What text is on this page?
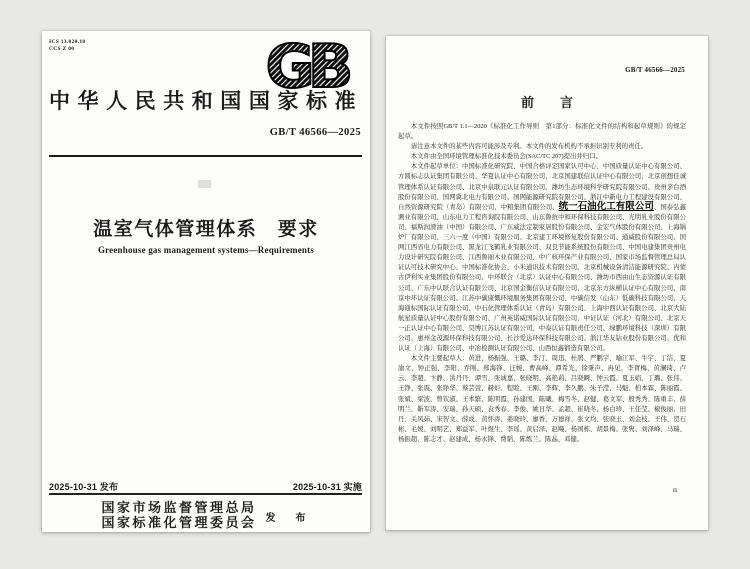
ICS 13.020.10
CCS Z 00	GB
中华人民共和国国家标准
GB/T 46566—2025
温室气体管理体系　要求
Greenhouse gas management systems—Requirements
2025-10-31 发布	2025-10-31 实施
国家市场监督管理总局
国家标准化管理委员会 发　布
GB/T 46566—2025
前　　言

本文件按照GB/T 1.1—2020《标准化工作导则　第1部分：标准化文件的结构和起草规则》的规定起草。

请注意本文件的某些内容可能涉及专利。本文件的发布机构不承担识别专利的责任。

本文件由全国环境管理标准化技术委员会(SAC/TC 207)提出并归口。

本文件起草单位：中国标准化研究院、中国合格评定国家认可中心、中国质量认证中心有限公司、方圆标志认证集团有限公司、华夏认证中心有限公司、北京国建联信认证中心有限公司、北京创想佳诚管理体系认证有限公司、北京中泉联元认证有限公司、潍坊生态环境科学研究院有限公司、贵州茅台酒股份有限公司、国网冀北电力有限公司、国网能源研究院有限公司、浙江中新电力工程建设有限公司、自然资源研究院（青岛）有限公司、中粮集团有限公司、统一石油化工有限公司、国泰弘鑫测业有限公司、山东电力工程咨询院有限公司、山东鲁抗中和环保科技有限公司、光明乳业股份有限公司、福斯润滑油（中国）有限公司、广东威法定制家居股份有限公司、金宏气体股份有限公司、上海锅炉厂有限公司、三六一度（中国）有限公司、北京建工环境修复股份有限公司、通威股份有限公司、国网江西省电力有限公司、黑龙江飞鹤乳业有限公司、双良节能系统股份有限公司、中国电建集团贵州电力设计研究院有限公司、江西鲁丽木业有限公司、中广核环保产业有限公司、国家市场监督管理总局认证认可技术研究中心、中国标准化协会、小米通讯技术有限公司、北京机械设备清洁能源研究院、内蒙古伊利实业集团股份有限公司、中环联合（北京）认证中心有限公司、潍坊市西由山生态资源认证有限公司、广东中认联合认证有限公司、北京国金衡信认证有限公司、北京东方纵横认证中心有限公司、南京中环认证有限公司、江苏中碳康慨环境服务集团有限公司、中碳信发（山东）低碳科技有限公司、天海通标国际认证有限公司、中石化管理体系认证（青岛）有限公司、上海中西认证有限公司、北京大陆航星质量认证中心股份有限公司、广州英诺威国际认证有限公司、中证认证（河北）有限公司、北京天一正认证中心有限公司、昊博江苏认证有限公司、中泰认证有限责任公司、绿鹏环境科技（深圳）有限公司、惠州金茂源环保科技有限公司、长沙爱达环保科技有限公司、浙江华友钴业股份有限公司、优和认证（上海）有限公司、中冶检测认证有限公司、山西恒鑫锻造有限公司。

本文件主要起草人：黄进、杨振强、王璐、李汀、周迅、杜鹃、严鹏宇、喻江军、牛宇、丁洁、夏渝文、钟正强、李阳、乔刚、郑海锋、汪婉、曹高峰、谭希光、徐秉声、冉见、李胥梅、黄澜琦、卢云、李超、卞静、洪丹丹、谭雪、张诚嘉、张晓明、高艳莉、吕晓瞬、钟云霞、夏玉娟、丁璐、张伟、王铮、张震、张铮华、蔡芸萱、赫炬、程睑、王刚、李辉、李久鹏、朱子滢、马魁、柏本霖、陈丽霞、张斌、梁波、曾钦淑、王本繁、陈明霞、孙建国、陈曦、梅雪冬、赵健、葛文军、殷秀秀、陈重丰、薛明兰、靳军涛、安瑞、孙天硕、袁秀春、李俊、姚日华、孟超、崔晓冬、杨白珍、王佳莹、椒俊丽、田丹、关风茹、宋智文、薛成、黄怀涛、姜晓玲、廖香、万德祥、张文均、张晓玉、刘金枝、王伟、贺石彬、毛媛、刘明艺、郑益军、叶煜生、李瑶、黄启泽、赵飚、杨国栋、胡景梅、张隽、刘泽峰、马瑞、杨振超、陈志才、赵建成、杨永锋、费韬、陈炼兰、陈晶、邓健。

Ⅲ
